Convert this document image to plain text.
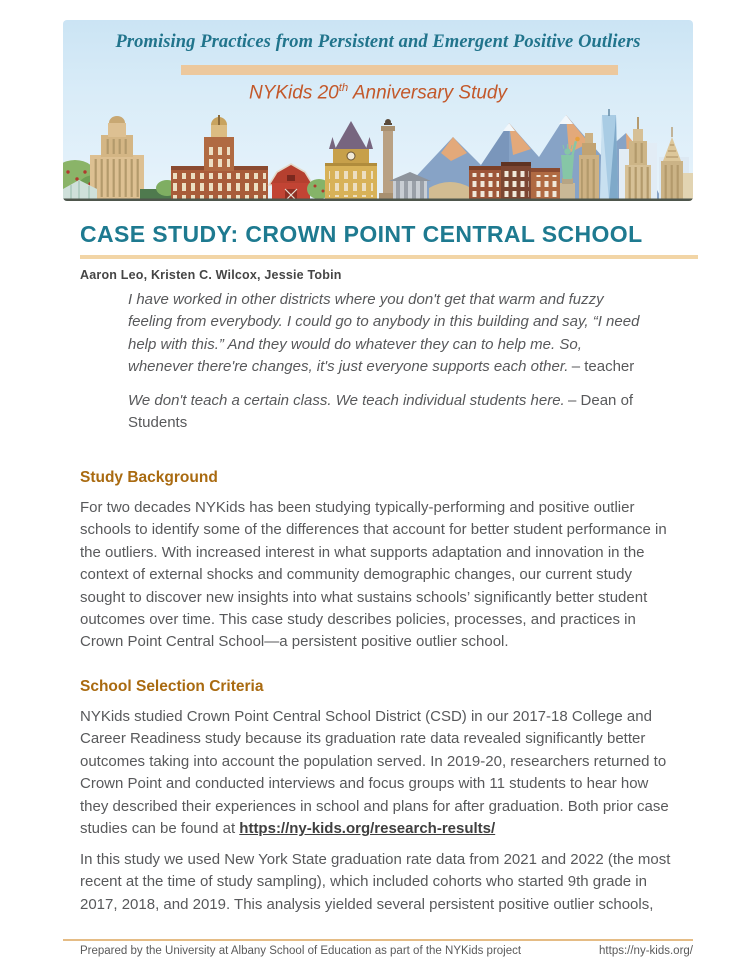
Promising Practices from Persistent and Emergent Positive Outliers
NYKids 20th Anniversary Study
CASE STUDY: CROWN POINT CENTRAL SCHOOL
Aaron Leo, Kristen C. Wilcox, Jessie Tobin

I have worked in other districts where you don't get that warm and fuzzy feeling from everybody. I could go to anybody in this building and say, “I need help with this.” And they would do whatever they can to help me. So, whenever there're changes, it's just everyone supports each other. – teacher

We don't teach a certain class. We teach individual students here. – Dean of Students

Study Background

For two decades NYKids has been studying typically-performing and positive outlier schools to identify some of the differences that account for better student performance in the outliers. With increased interest in what supports adaptation and innovation in the context of external shocks and community demographic changes, our current study sought to discover new insights into what sustains schools’ significantly better student outcomes over time. This case study describes policies, processes, and practices in Crown Point Central School—a persistent positive outlier school.

School Selection Criteria

NYKids studied Crown Point Central School District (CSD) in our 2017-18 College and Career Readiness study because its graduation rate data revealed significantly better outcomes taking into account the population served. In 2019-20, researchers returned to Crown Point and conducted interviews and focus groups with 11 students to hear how they described their experiences in school and plans for after graduation. Both prior case studies can be found at https://ny-kids.org/research-results/

In this study we used New York State graduation rate data from 2021 and 2022 (the most recent at the time of study sampling), which included cohorts who started 9th grade in 2017, 2018, and 2019. This analysis yielded several persistent positive outlier schools,

Prepared by the University at Albany School of Education as part of the NYKids project	https://ny-kids.org/
